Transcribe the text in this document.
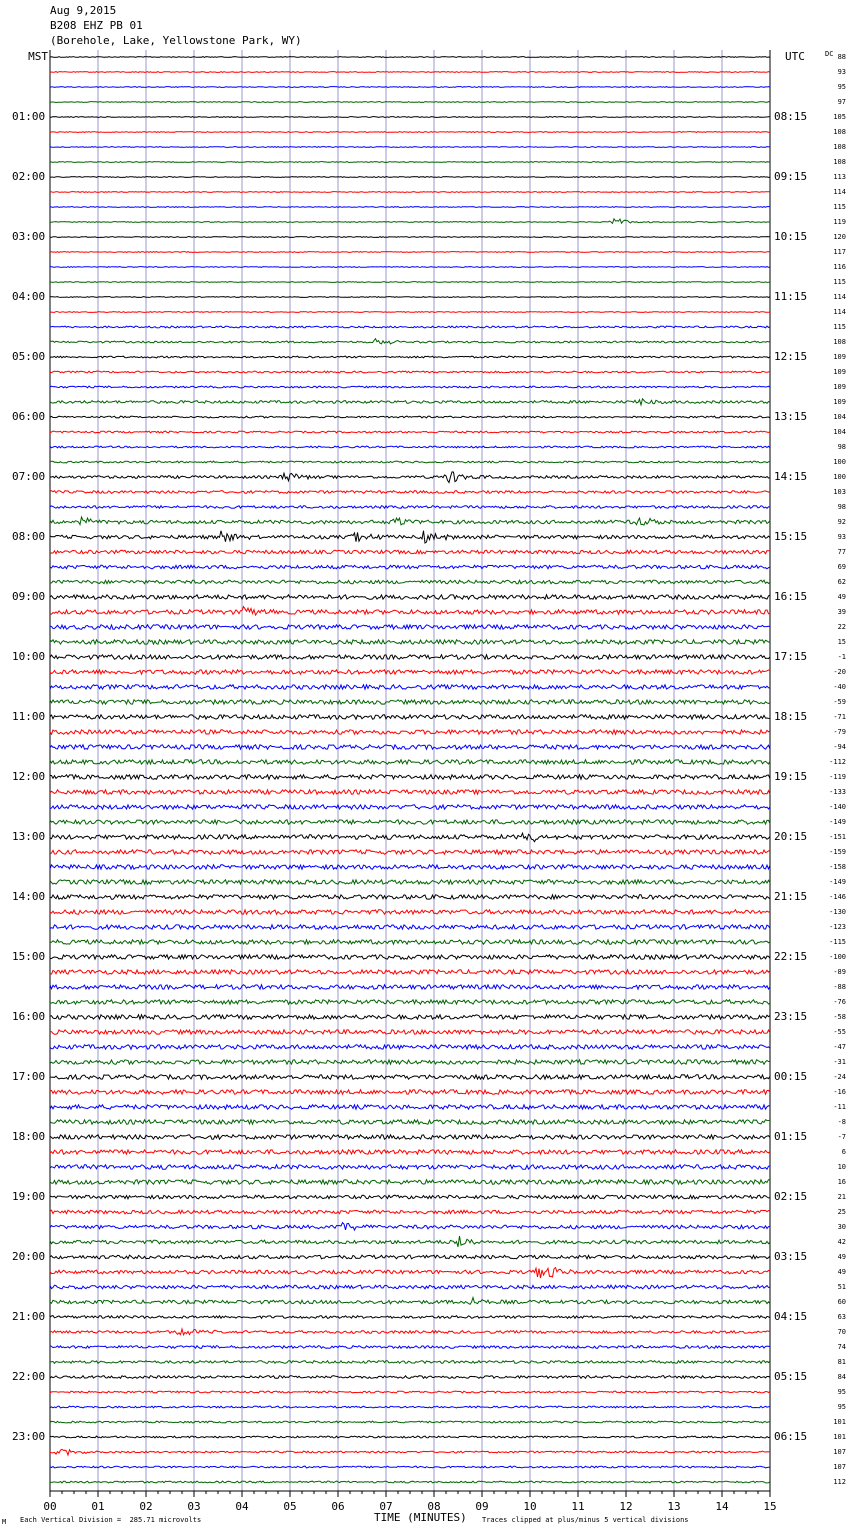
Aug 9,2015
B208 EHZ PB 01
(Borehole, Lake, Yellowstone Park, WY)
MST	UTC	DC
01:00
02:00
03:00
04:00
05:00
06:00
07:00
08:00
09:00
10:00
11:00
12:00
13:00
14:00
15:00
16:00
17:00
18:00
19:00
20:00
21:00
22:00
23:00
08:15
09:15
10:15
11:15
12:15
13:15
14:15
15:15
16:15
17:15
18:15
19:15
20:15
21:15
22:15
23:15
00:15
01:15
02:15
03:15
04:15
05:15
06:15
88
93
95
97
105
108
108
108
113
114
115
119
120
117
116
115
114
114
115
108
109
109
109
109
104
104
98
100
100
103
98
92
93
77
69
62
49
39
22
15
-1
-20
-40
-59
-71
-79
-94
-112
-119
-133
-140
-149
-151
-159
-158
-149
-146
-130
-123
-115
-100
-89
-88
-76
-58
-55
-47
-31
-24
-16
-11
-8
-7
6
10
16
21
25
30
42
49
49
51
60
63
70
74
81
84
95
95
101
101
107
107
112
00	01	02	03	04	05	06	07	08	09	10	11	12	13	14	15
M Each Vertical Division =  285.71 microvolts	TIME (MINUTES) Traces clipped at plus/minus 5 vertical divisions
